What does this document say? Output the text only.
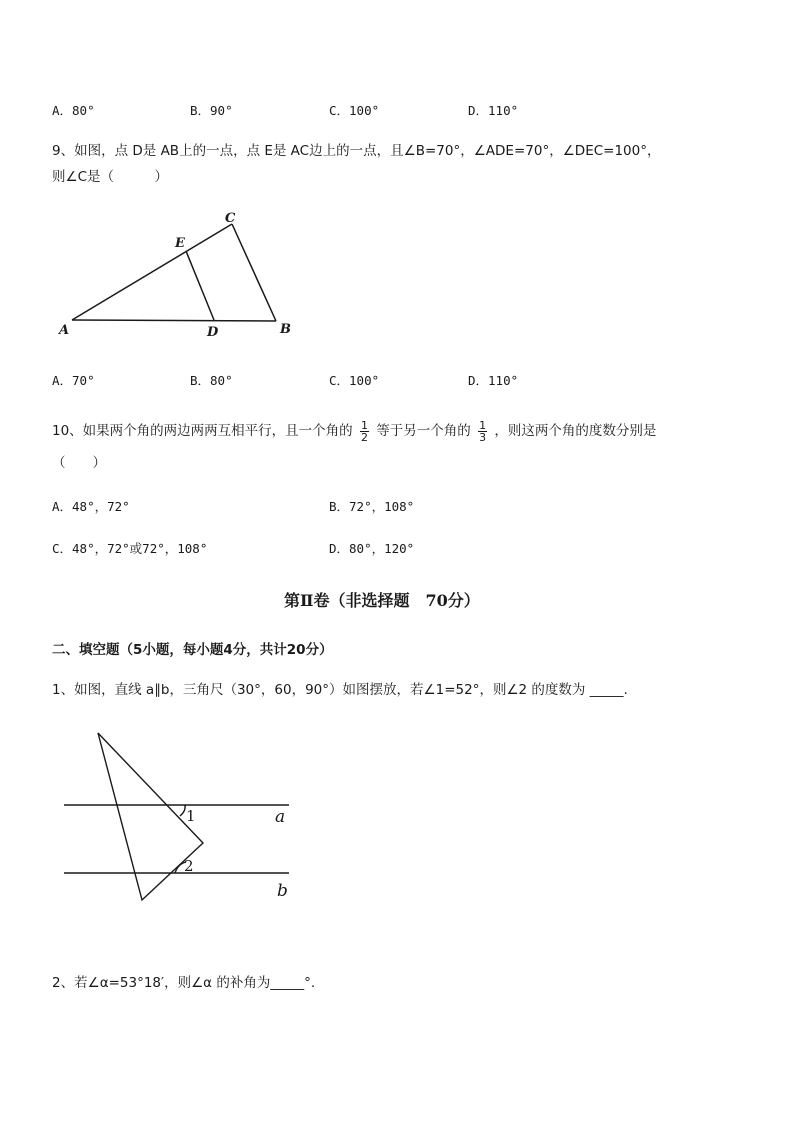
A．80°	B．90°	C．100°	D．110°
9、如图，点 D是 AB上的一点，点 E是 AC边上的一点，且∠B=70°，∠ADE=70°，∠DEC=100°，
则∠C是（　　　）
A	B
C
D
E
A．70°	B．80°	C．100°	D．110°
10、如果两个角的两边两两互相平行，且一个角的 $\frac{1}{2}$ 等于另一个角的 $\frac{1}{3}$ ，则这两个角的度数分别是
（　　）
A．48°，72°	B．72°，108°
C．48°，72°或72°，108°	D．80°，120°
第Ⅱ卷（非选择题　70分）
二、填空题（5小题，每小题4分，共计20分）
1、如图，直线 a∥b，三角尺（30°，60，90°）如图摆放，若∠1=52°，则∠2 的度数为 _____.
1
2
a
b
2、若∠α=53°18′，则∠α 的补角为_____°.
